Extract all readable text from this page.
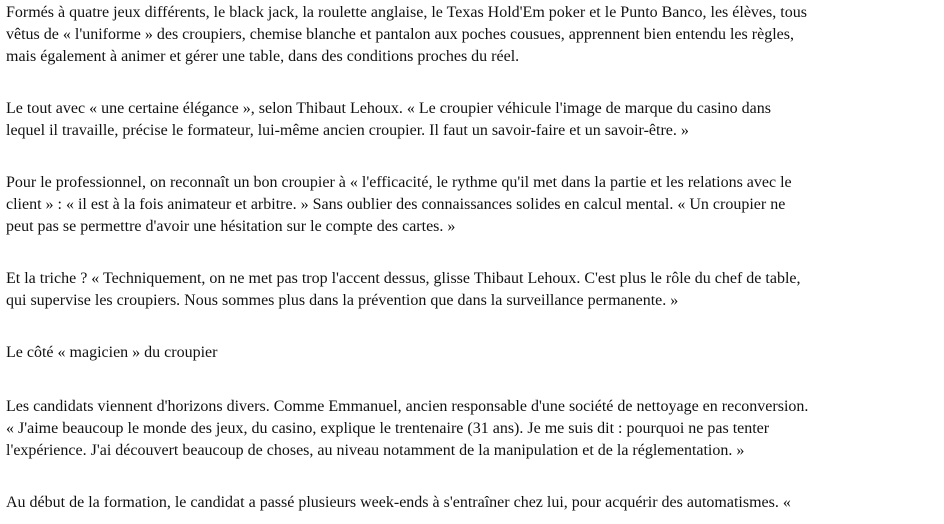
Formés à quatre jeux différents, le black jack, la roulette anglaise, le Texas Hold'Em poker et le Punto Banco, les élèves, tous
vêtus de « l'uniforme » des croupiers, chemise blanche et pantalon aux poches cousues, apprennent bien entendu les règles,
mais également à animer et gérer une table, dans des conditions proches du réel.

Le tout avec « une certaine élégance », selon Thibaut Lehoux. « Le croupier véhicule l'image de marque du casino dans
lequel il travaille, précise le formateur, lui-même ancien croupier. Il faut un savoir-faire et un savoir-être. »

Pour le professionnel, on reconnaît un bon croupier à « l'efficacité, le rythme qu'il met dans la partie et les relations avec le
client » : « il est à la fois animateur et arbitre. » Sans oublier des connaissances solides en calcul mental. « Un croupier ne
peut pas se permettre d'avoir une hésitation sur le compte des cartes. »

Et la triche ? « Techniquement, on ne met pas trop l'accent dessus, glisse Thibaut Lehoux. C'est plus le rôle du chef de table,
qui supervise les croupiers. Nous sommes plus dans la prévention que dans la surveillance permanente. »

Le côté « magicien » du croupier

Les candidats viennent d'horizons divers. Comme Emmanuel, ancien responsable d'une société de nettoyage en reconversion.
« J'aime beaucoup le monde des jeux, du casino, explique le trentenaire (31 ans). Je me suis dit : pourquoi ne pas tenter
l'expérience. J'ai découvert beaucoup de choses, au niveau notamment de la manipulation et de la réglementation. »

Au début de la formation, le candidat a passé plusieurs week-ends à s'entraîner chez lui, pour acquérir des automatismes. «
